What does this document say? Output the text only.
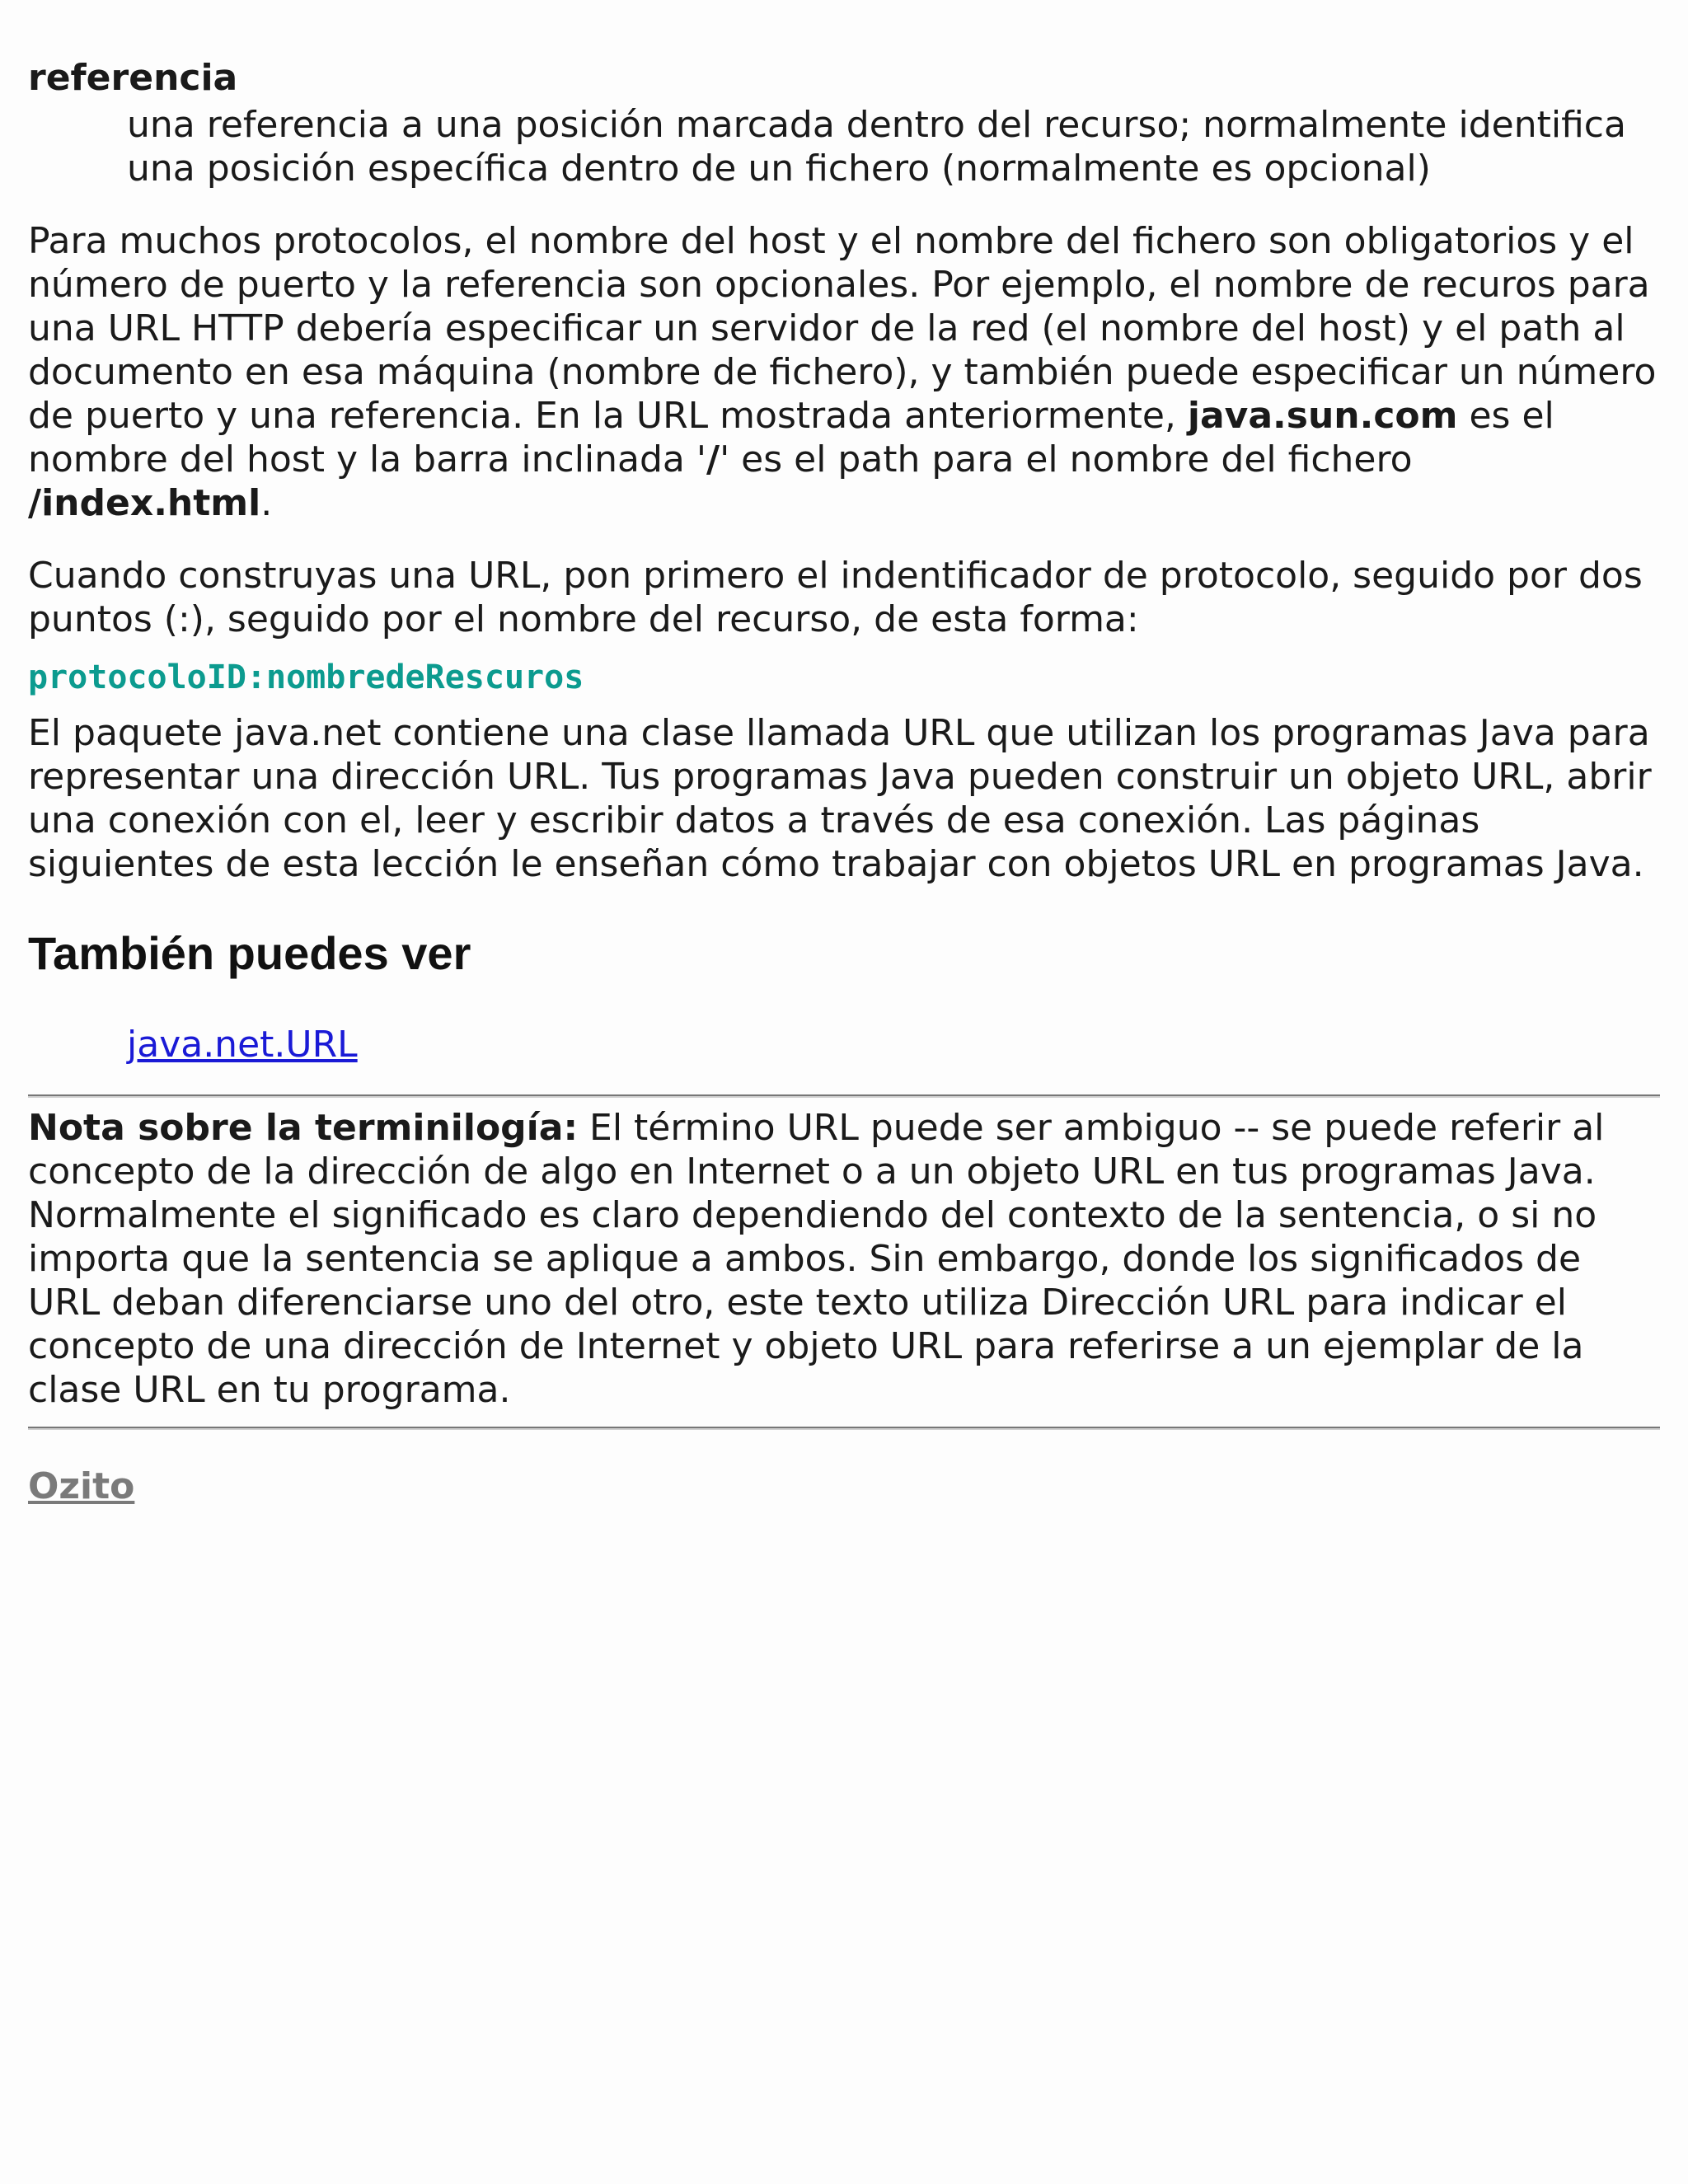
referencia
una referencia a una posición marcada dentro del recurso; normalmente identifica una posición específica dentro de un fichero (normalmente es opcional)

Para muchos protocolos, el nombre del host y el nombre del fichero son obligatorios y el número de puerto y la referencia son opcionales. Por ejemplo, el nombre de recuros para una URL HTTP debería especificar un servidor de la red (el nombre del host) y el path al documento en esa máquina (nombre de fichero), y también puede especificar un número de puerto y una referencia. En la URL mostrada anteriormente, java.sun.com es el nombre del host y la barra inclinada '/' es el path para el nombre del fichero /index.html.

Cuando construyas una URL, pon primero el indentificador de protocolo, seguido por dos puntos (:), seguido por el nombre del recurso, de esta forma:

protocoloID:nombredeRescuros

El paquete java.net contiene una clase llamada URL que utilizan los programas Java para representar una dirección URL. Tus programas Java pueden construir un objeto URL, abrir una conexión con el, leer y escribir datos a través de esa conexión. Las páginas siguientes de esta lección le enseñan cómo trabajar con objetos URL en programas Java.

También puedes ver
java.net.URL

Nota sobre la terminilogía: El término URL puede ser ambiguo -- se puede referir al concepto de la dirección de algo en Internet o a un objeto URL en tus programas Java. Normalmente el significado es claro dependiendo del contexto de la sentencia, o si no importa que la sentencia se aplique a ambos. Sin embargo, donde los significados de URL deban diferenciarse uno del otro, este texto utiliza Dirección URL para indicar el concepto de una dirección de Internet y objeto URL para referirse a un ejemplar de la clase URL en tu programa.

Ozito
